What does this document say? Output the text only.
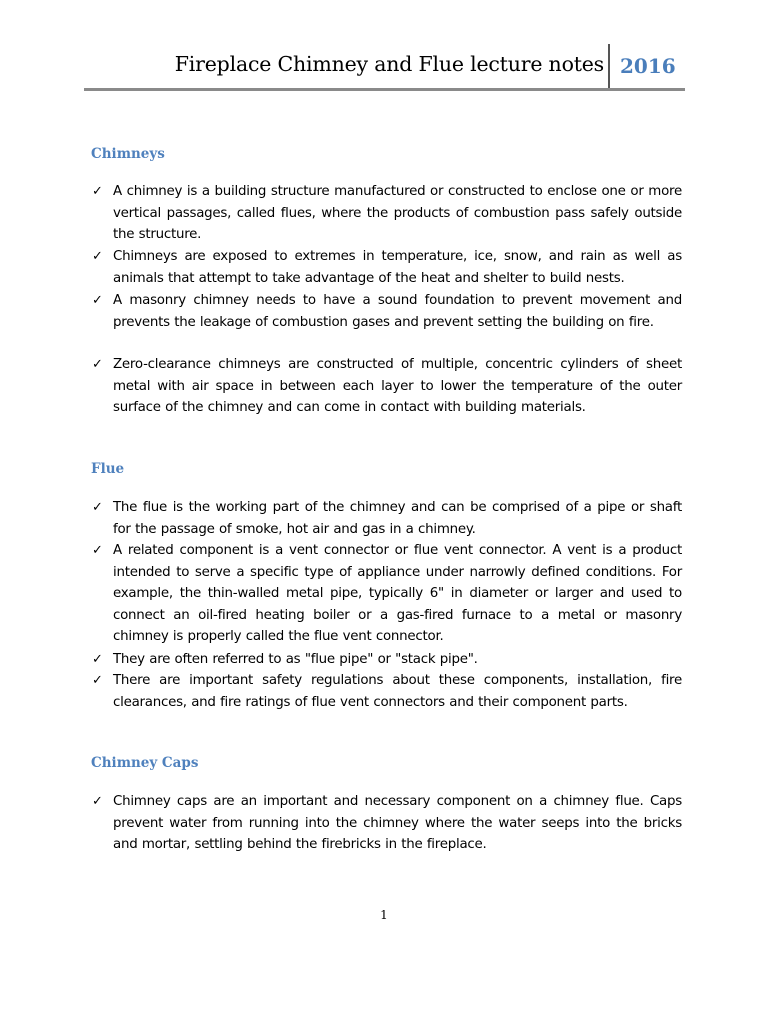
Fireplace Chimney and Flue lecture notes 2016
Chimneys
✓ A chimney is a building structure manufactured or constructed to enclose one or more vertical passages, called flues, where the products of combustion pass safely outside the structure.
✓ Chimneys are exposed to extremes in temperature, ice, snow, and rain as well as animals that attempt to take advantage of the heat and shelter to build nests.
✓ A masonry chimney needs to have a sound foundation to prevent movement and prevents the leakage of combustion gases and prevent setting the building on fire.
✓ Zero-clearance chimneys are constructed of multiple, concentric cylinders of sheet metal with air space in between each layer to lower the temperature of the outer surface of the chimney and can come in contact with building materials.
Flue
✓ The flue is the working part of the chimney and can be comprised of a pipe or shaft for the passage of smoke, hot air and gas in a chimney.
✓ A related component is a vent connector or flue vent connector. A vent is a product intended to serve a specific type of appliance under narrowly defined conditions. For example, the thin-walled metal pipe, typically 6" in diameter or larger and used to connect an oil-fired heating boiler or a gas-fired furnace to a metal or masonry chimney is properly called the flue vent connector.
✓ They are often referred to as "flue pipe" or "stack pipe".
✓ There are important safety regulations about these components, installation, fire clearances, and fire ratings of flue vent connectors and their component parts.
Chimney Caps
✓ Chimney caps are an important and necessary component on a chimney flue. Caps prevent water from running into the chimney where the water seeps into the bricks and mortar, settling behind the firebricks in the fireplace.
1
